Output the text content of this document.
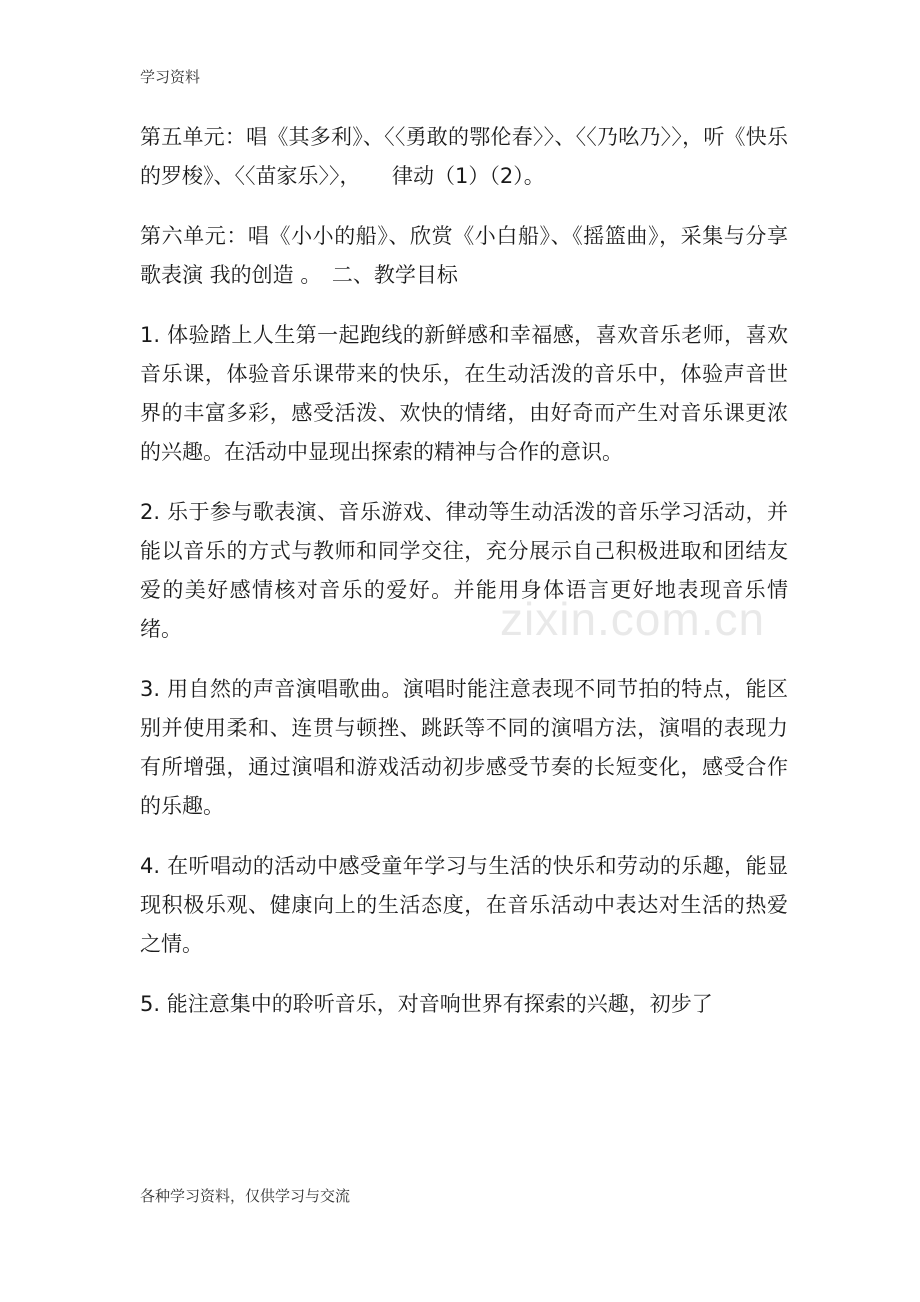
学习资料

第五单元：唱《其多利》、〈〈勇敢的鄂伦春〉〉、〈〈乃吆乃〉〉，听《快乐的罗梭》、〈〈苗家乐〉〉，　　律动（1）（2）。

第六单元：唱《小小的船》、欣赏《小白船》、《摇篮曲》，采集与分享歌表演 我的创造 。　二、教学目标

1. 体验踏上人生第一起跑线的新鲜感和幸福感，喜欢音乐老师，喜欢音乐课，体验音乐课带来的快乐，在生动活泼的音乐中，体验声音世界的丰富多彩，感受活泼、欢快的情绪，由好奇而产生对音乐课更浓的兴趣。在活动中显现出探索的精神与合作的意识。

2. 乐于参与歌表演、音乐游戏、律动等生动活泼的音乐学习活动，并能以音乐的方式与教师和同学交往，充分展示自己积极进取和团结友爱的美好感情核对音乐的爱好。并能用身体语言更好地表现音乐情绪。

3. 用自然的声音演唱歌曲。演唱时能注意表现不同节拍的特点，能区别并使用柔和、连贯与顿挫、跳跃等不同的演唱方法，演唱的表现力有所增强，通过演唱和游戏活动初步感受节奏的长短变化，感受合作的乐趣。

4. 在听唱动的活动中感受童年学习与生活的快乐和劳动的乐趣，能显现积极乐观、健康向上的生活态度，在音乐活动中表达对生活的热爱之情。

5. 能注意集中的聆听音乐，对音响世界有探索的兴趣，初步了

zixin.com.cn
各种学习资料，仅供学习与交流
